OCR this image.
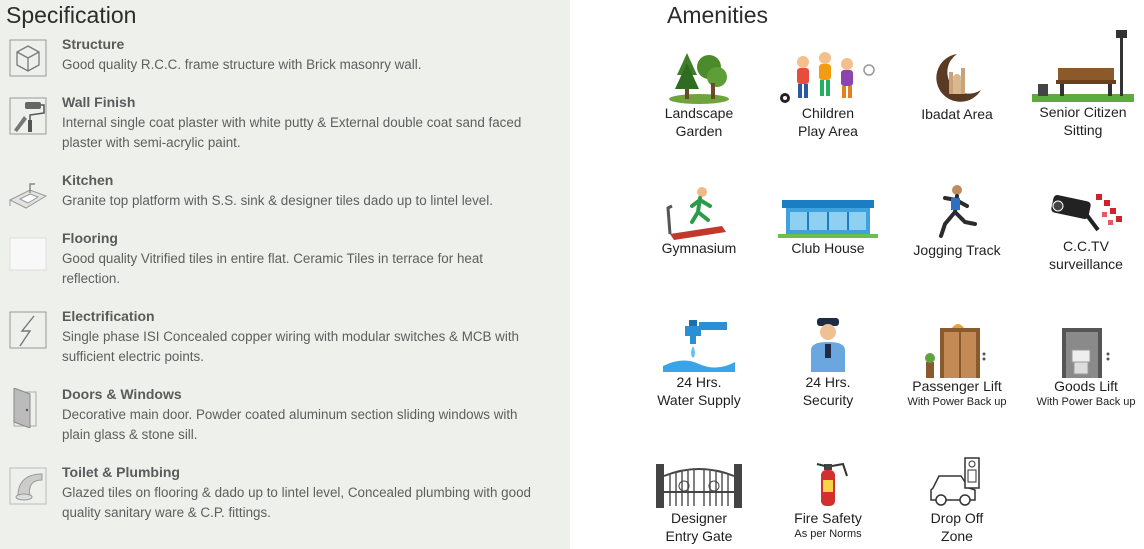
Specification
Structure
Good quality R.C.C. frame structure with Brick masonry wall.
Wall Finish
Internal single coat plaster with white putty & External double coat sand faced plaster with semi-acrylic paint.
Kitchen
Granite top platform with S.S. sink & designer tiles dado up to lintel level.
Flooring
Good quality Vitrified tiles in entire flat. Ceramic Tiles in terrace for heat reflection.
Electrification
Single phase ISI Concealed copper wiring with modular switches & MCB with sufficient electric points.
Doors & Windows
Decorative main door. Powder coated aluminum section sliding windows with plain glass & stone sill.
Toilet & Plumbing
Glazed tiles on flooring & dado up to lintel level, Concealed plumbing with good quality sanitary ware & C.P. fittings.
Amenities
Landscape
Garden
Children
Play Area
Ibadat Area	Senior Citizen
Sitting
Gymnasium	Club House	Jogging Track	C.C.TV
surveillance
24 Hrs.
Water Supply
24 Hrs.
Security
Passenger Lift
With Power Back up
Goods Lift
With Power Back up
Designer
Entry Gate
Fire Safety
As per Norms
Drop Off
Zone
